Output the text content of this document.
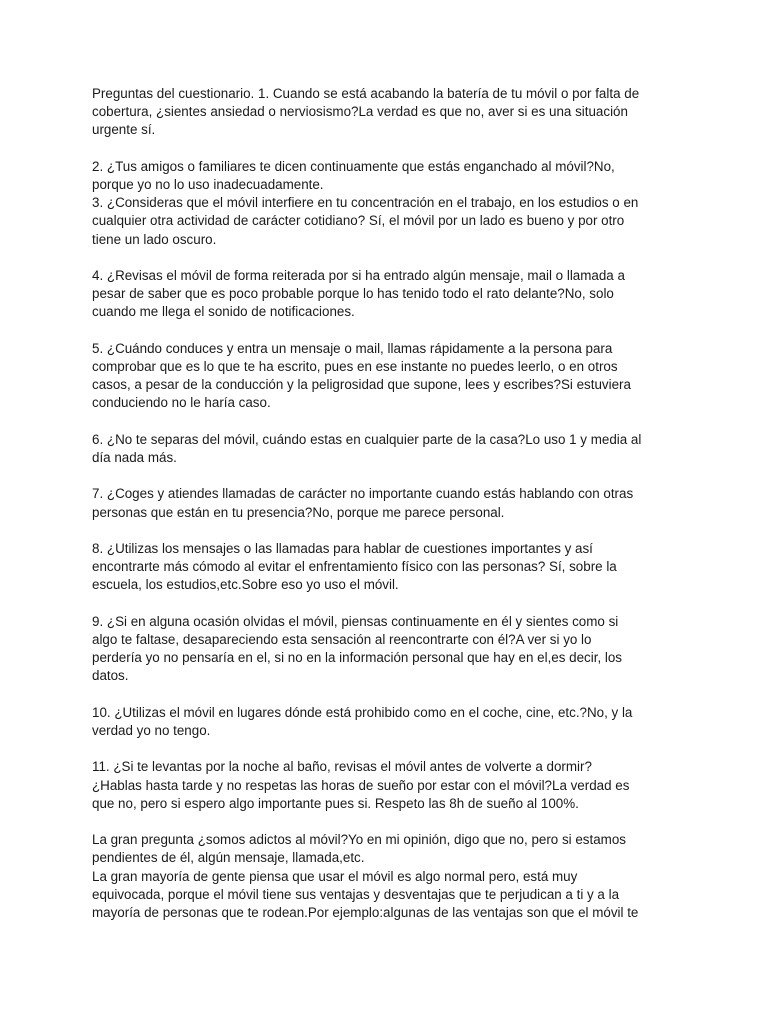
Preguntas del cuestionario. 1. Cuando se está acabando la batería de tu móvil o por falta de
cobertura, ¿sientes ansiedad o nerviosismo?La verdad es que no, aver si es una situación
urgente sí.

2. ¿Tus amigos o familiares te dicen continuamente que estás enganchado al móvil?No,
porque yo no lo uso inadecuadamente.

3. ¿Consideras que el móvil interfiere en tu concentración en el trabajo, en los estudios o en
cualquier otra actividad de carácter cotidiano? Sí, el móvil por un lado es bueno y por otro
tiene un lado oscuro.

4. ¿Revisas el móvil de forma reiterada por si ha entrado algún mensaje, mail o llamada a
pesar de saber que es poco probable porque lo has tenido todo el rato delante?No, solo
cuando me llega el sonido de notificaciones.

5. ¿Cuándo conduces y entra un mensaje o mail, llamas rápidamente a la persona para
comprobar que es lo que te ha escrito, pues en ese instante no puedes leerlo, o en otros
casos, a pesar de la conducción y la peligrosidad que supone, lees y escribes?Si estuviera
conduciendo no le haría caso.

6. ¿No te separas del móvil, cuándo estas en cualquier parte de la casa?Lo uso 1 y media al
día nada más.

7. ¿Coges y atiendes llamadas de carácter no importante cuando estás hablando con otras
personas que están en tu presencia?No, porque me parece personal.

8. ¿Utilizas los mensajes o las llamadas para hablar de cuestiones importantes y así
encontrarte más cómodo al evitar el enfrentamiento físico con las personas? Sí, sobre la
escuela, los estudios,etc.Sobre eso yo uso el móvil.

9. ¿Si en alguna ocasión olvidas el móvil, piensas continuamente en él y sientes como si
algo te faltase, desapareciendo esta sensación al reencontrarte con él?A ver si yo lo
perdería yo no pensaría en el, si no en la información personal que hay en el,es decir, los
datos.

10. ¿Utilizas el móvil en lugares dónde está prohibido como en el coche, cine, etc.?No, y la
verdad yo no tengo.

11. ¿Si te levantas por la noche al baño, revisas el móvil antes de volverte a dormir?
¿Hablas hasta tarde y no respetas las horas de sueño por estar con el móvil?La verdad es
que no, pero si espero algo importante pues si. Respeto las 8h de sueño al 100%.

La gran pregunta ¿somos adictos al móvil?Yo en mi opinión, digo que no, pero si estamos
pendientes de él, algún mensaje, llamada,etc.

La gran mayoría de gente piensa que usar el móvil es algo normal pero, está muy
equivocada, porque el móvil tiene sus ventajas y desventajas que te perjudican a ti y a la
mayoría de personas que te rodean.Por ejemplo:algunas de las ventajas son que el móvil te
